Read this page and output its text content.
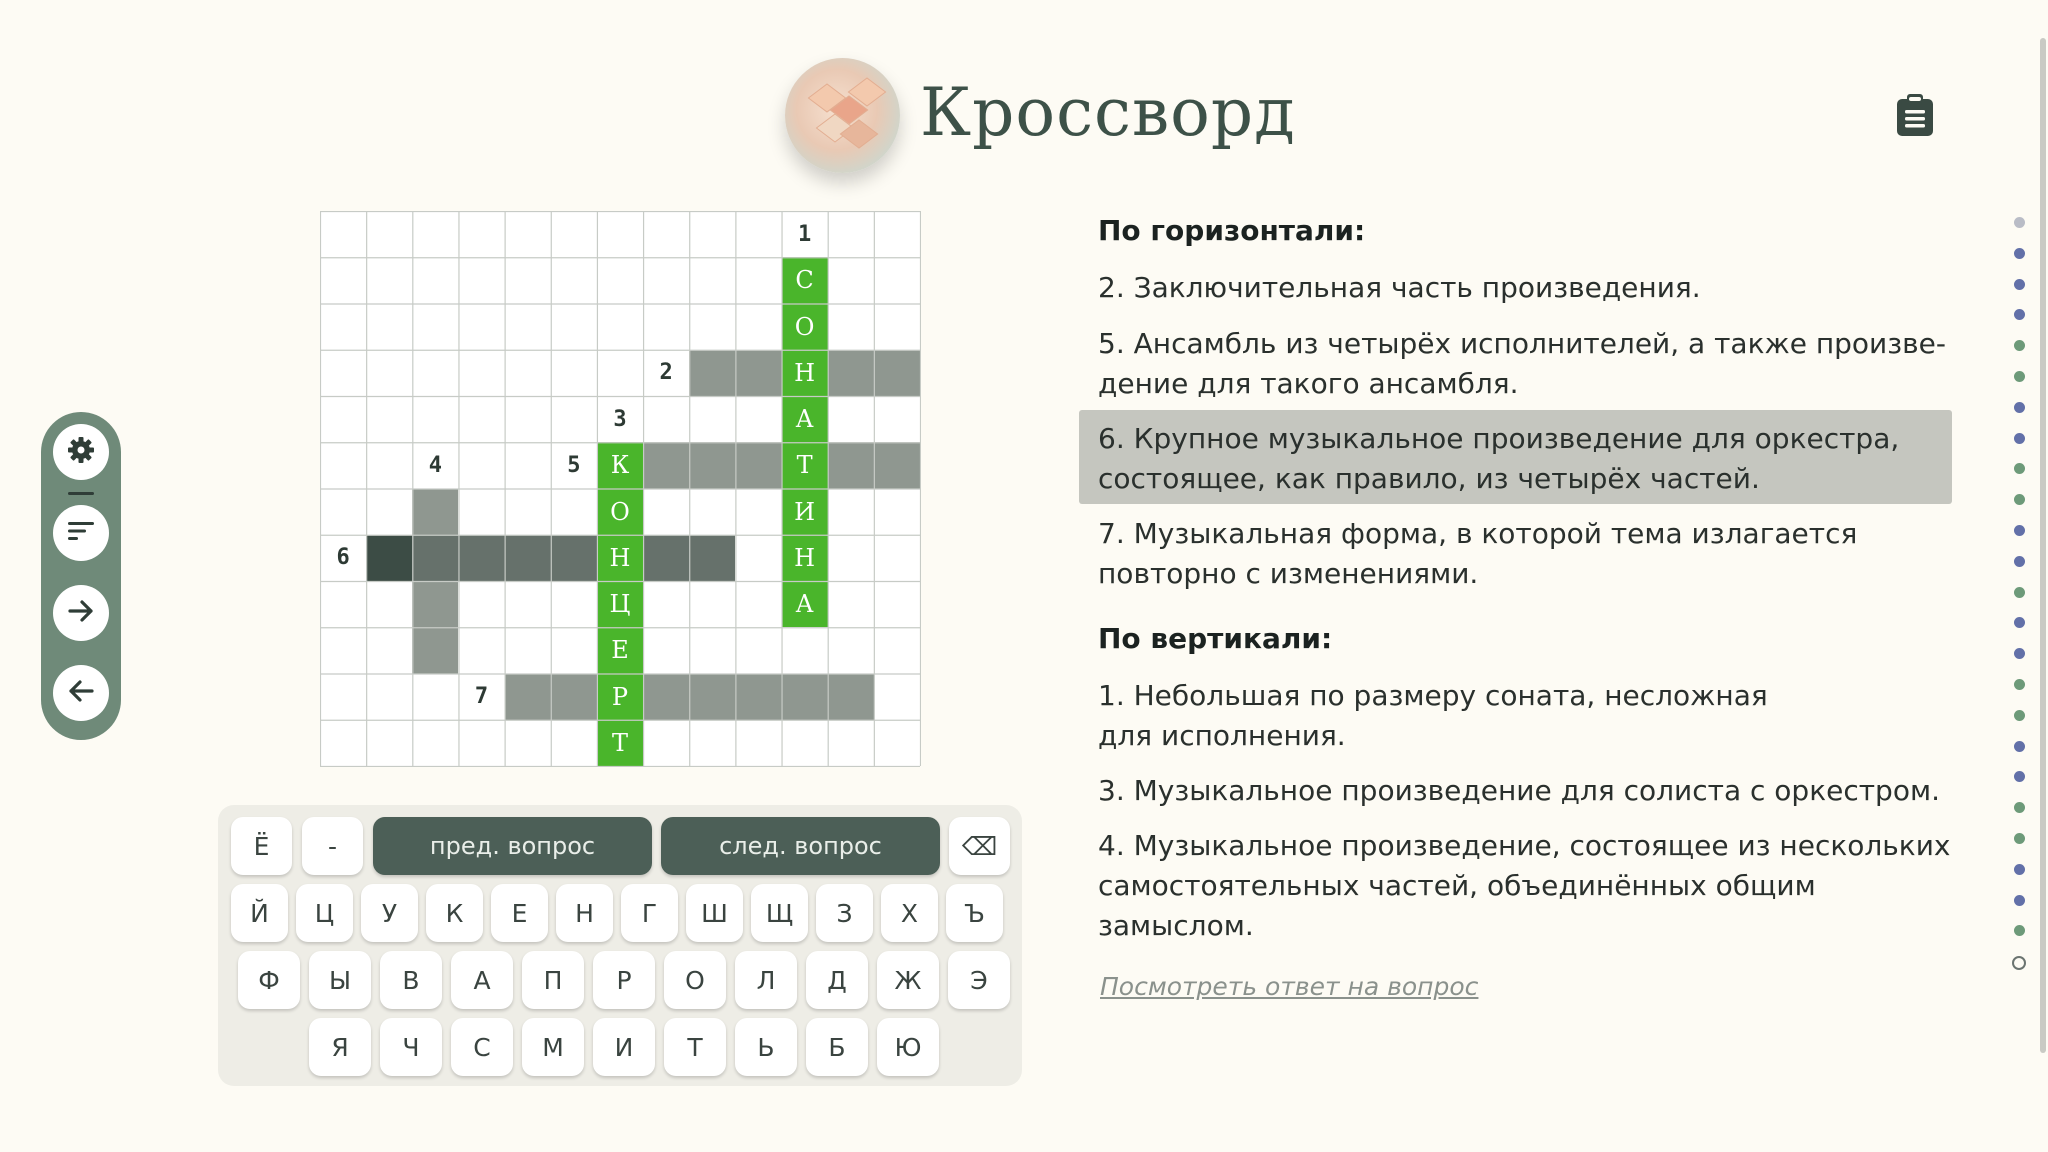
Кроссворд
С
О
Н
А
Т
И
Н
А
К
О
Н
Ц
Е
Р
Т
1
2
3
4	5
6
7
Ё	-	пред. вопрос	след. вопрос	⌫
Й	Ц	У	К	Е	Н	Г	Ш	Щ	З	Х	Ъ
Ф	Ы	В	А	П	Р	О	Л	Д	Ж	Э
Я	Ч	С	М	И	Т	Ь	Б	Ю
По горизонтали:
2. Заключительная часть произведения.
5. Ансамбль из четырёх исполнителей, а также произве-
дение для такого ансамбля.
6. Крупное музыкальное произведение для оркестра,
состоящее, как правило, из четырёх частей.
7. Музыкальная форма, в которой тема излагается
повторно с изменениями.
По вертикали:
1. Небольшая по размеру соната, несложная
для исполнения.
3. Музыкальное произведение для солиста с оркестром.
4. Музыкальное произведение, состоящее из нескольких
самостоятельных частей, объединённых общим
замыслом.
Посмотреть ответ на вопрос
